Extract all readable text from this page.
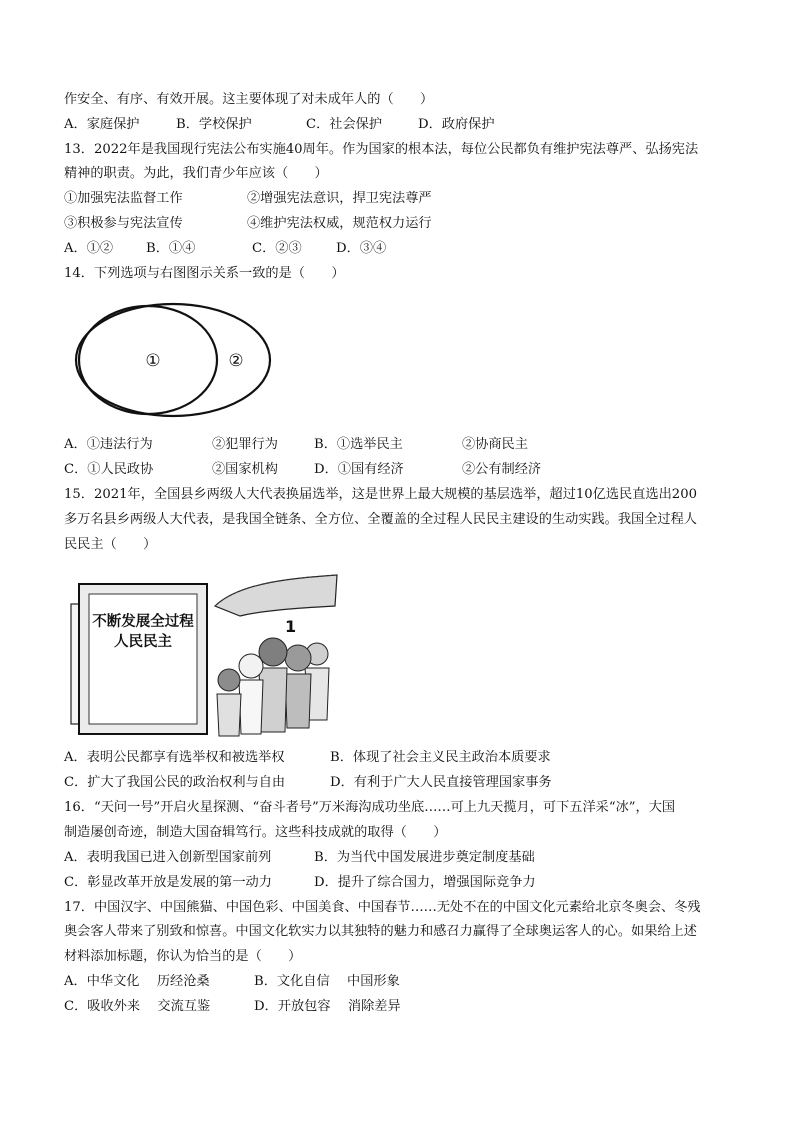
作安全、有序、有效开展。这主要体现了对未成年人的（　　）
A．家庭保护	B．学校保护	C．社会保护	D．政府保护
13．2022年是我国现行宪法公布实施40周年。作为国家的根本法，每位公民都负有维护宪法尊严、弘扬宪法
精神的职责。为此，我们青少年应该（　　）
①加强宪法监督工作	②增强宪法意识，捍卫宪法尊严
③积极参与宪法宣传	④维护宪法权威，规范权力运行
A．①② B．①④	C．②③	D．③④
14．下列选项与右图图示关系一致的是（　　）
①	②
A．①违法行为	②犯罪行为	B．①选举民主	②协商民主
C．①人民政协	②国家机构	D．①国有经济	②公有制经济
15．2021年，全国县乡两级人大代表换届选举，这是世界上最大规模的基层选举，超过10亿选民直选出200
多万名县乡两级人大代表，是我国全链条、全方位、全覆盖的全过程人民民主建设的生动实践。我国全过程人
民民主（　　）
不断发展全过程
人民民主
1
A．表明公民都享有选举权和被选举权	B．体现了社会主义民主政治本质要求
C．扩大了我国公民的政治权利与自由	D．有利于广大人民直接管理国家事务
16．“天问一号”开启火星探测、“奋斗者号”万米海沟成功坐底……可上九天揽月，可下五洋采“冰”，大国
制造屡创奇迹，制造大国奋辑笃行。这些科技成就的取得（　　）
A．表明我国已进入创新型国家前列	B．为当代中国发展进步奠定制度基础
C．彰显改革开放是发展的第一动力	D．提升了综合国力，增强国际竞争力
17．中国汉字、中国熊猫、中国色彩、中国美食、中国春节……无处不在的中国文化元素给北京冬奥会、冬残
奥会客人带来了别致和惊喜。中国文化软实力以其独特的魅力和感召力赢得了全球奥运客人的心。如果给上述
材料添加标题，你认为恰当的是（　　）
A．中华文化　 历经沧桑	B．文化自信　 中国形象
C．吸收外来　 交流互鉴	D．开放包容　 消除差异
